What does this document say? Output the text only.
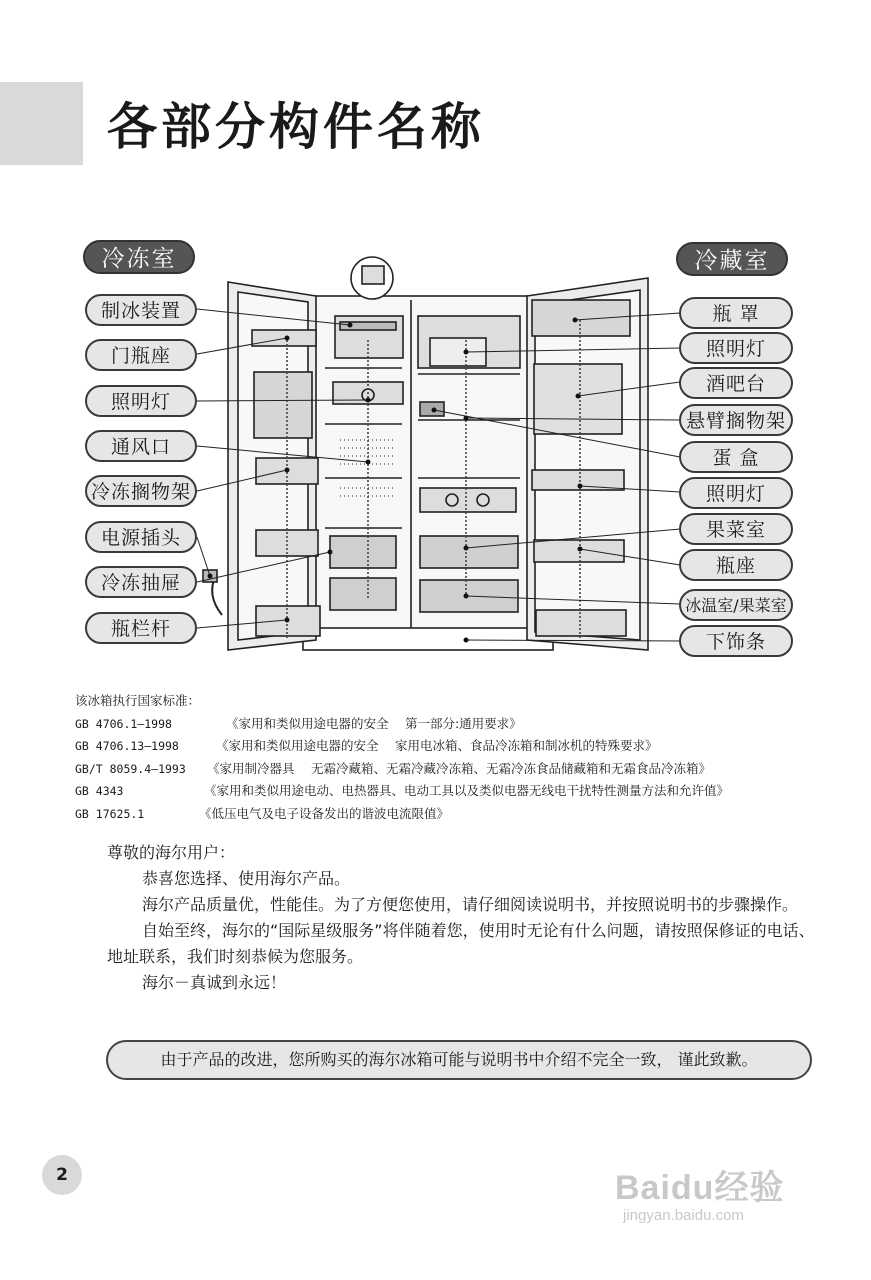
各部分构件名称
冷冻室	冷藏室
制冰装置
门瓶座
照明灯
通风口
冷冻搁物架
电源插头
冷冻抽屉
瓶栏杆
瓶 罩
照明灯
酒吧台
悬臂搁物架
蛋 盒
照明灯
果菜室
瓶座
冰温室/果菜室
下饰条
该冰箱执行国家标准：
GB 4706.1—1998	《家用和类似用途电器的安全　 第一部分:通用要求》
GB 4706.13—1998	《家用和类似用途电器的安全　 家用电冰箱、食品冷冻箱和制冰机的特殊要求》
GB/T 8059.4—1993 《家用制冷器具　 无霜冷藏箱、无霜冷藏冷冻箱、无霜冷冻食品储藏箱和无霜食品冷冻箱》
GB 4343	《家用和类似用途电动、电热器具、电动工具以及类似电器无线电干扰特性测量方法和允许值》
GB 17625.1	《低压电气及电子设备发出的谐波电流限值》

尊敬的海尔用户：

恭喜您选择、使用海尔产品。

海尔产品质量优，性能佳。为了方便您使用，请仔细阅读说明书，并按照说明书的步骤操作。

自始至终，海尔的“国际星级服务”将伴随着您，使用时无论有什么问题，请按照保修证的电话、地址联系，我们时刻恭候为您服务。

海尔－真诚到永远！

由于产品的改进，您所购买的海尔冰箱可能与说明书中介绍不完全一致， 谨此致歉。
2	Baidu经验
jingyan.baidu.com
